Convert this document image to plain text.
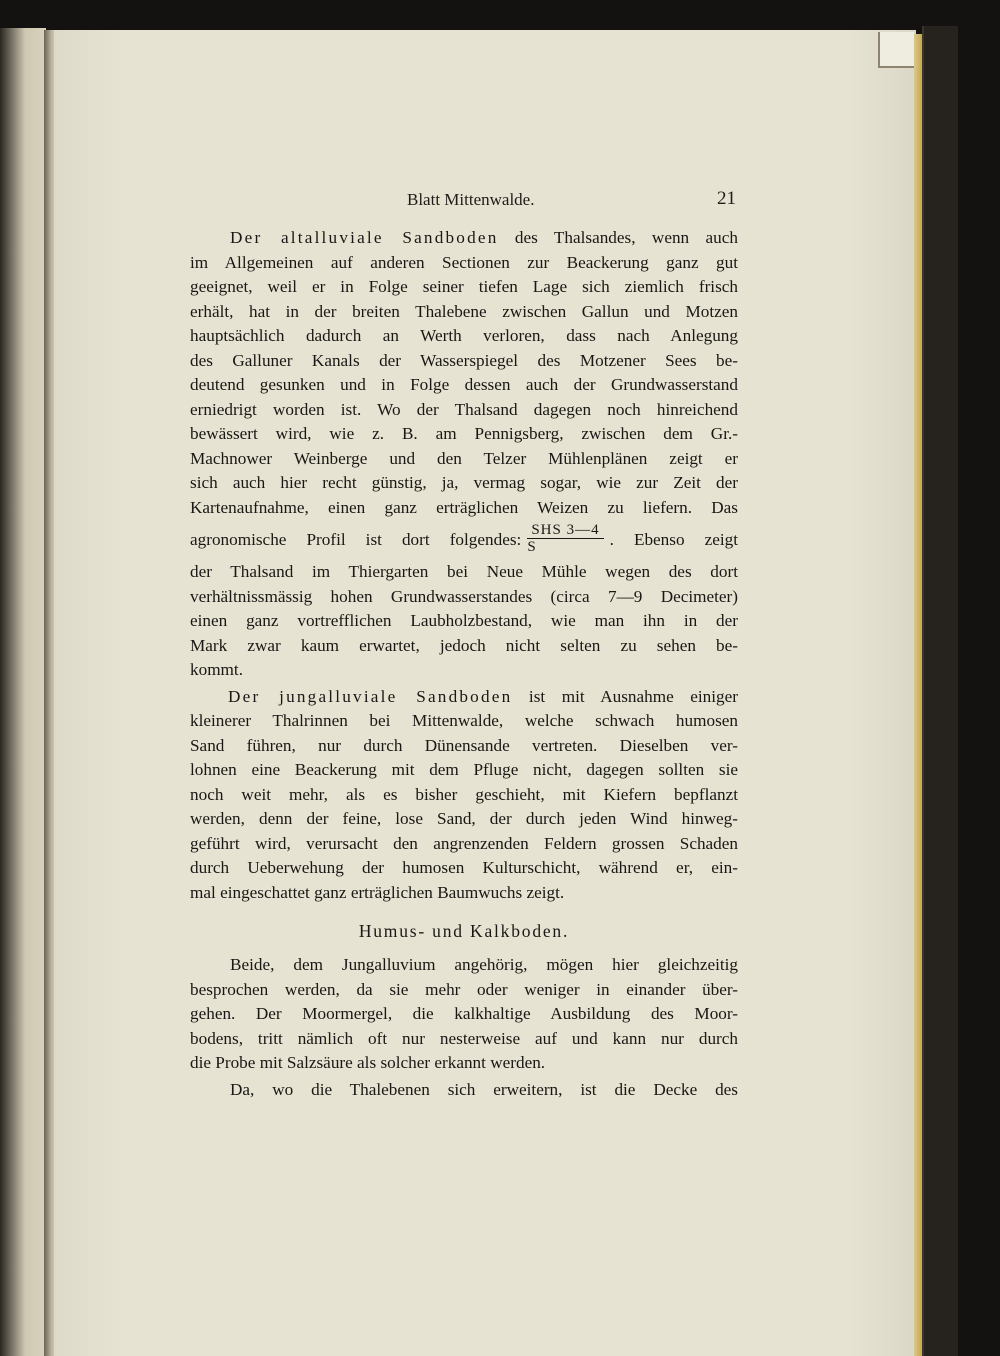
Blatt Mittenwalde.	21
Der altalluviale Sandboden des Thalsandes, wenn auch
im Allgemeinen auf anderen Sectionen zur Beackerung ganz gut
geeignet, weil er in Folge seiner tiefen Lage sich ziemlich frisch
erhält, hat in der breiten Thalebene zwischen Gallun und Motzen
hauptsächlich dadurch an Werth verloren, dass nach Anlegung
des Galluner Kanals der Wasserspiegel des Motzener Sees be-
deutend gesunken und in Folge dessen auch der Grundwasserstand
erniedrigt worden ist. Wo der Thalsand dagegen noch hinreichend
bewässert wird, wie z. B. am Pennigsberg, zwischen dem Gr.-
Machnower Weinberge und den Telzer Mühlenplänen zeigt er
sich auch hier recht günstig, ja, vermag sogar, wie zur Zeit der
Kartenaufnahme, einen ganz erträglichen Weizen zu liefern. Das
agronomische Profil ist dort folgendes: $\frac{\text{SHS 3—4}}{S}$ . Ebenso zeigt
der Thalsand im Thiergarten bei Neue Mühle wegen des dort
verhältnissmässig hohen Grundwasserstandes (circa 7—9 Decimeter)
einen ganz vortrefflichen Laubholzbestand, wie man ihn in der
Mark zwar kaum erwartet, jedoch nicht selten zu sehen be-
kommt.
Der jungalluviale Sandboden ist mit Ausnahme einiger
kleinerer Thalrinnen bei Mittenwalde, welche schwach humosen
Sand führen, nur durch Dünensande vertreten. Dieselben ver-
lohnen eine Beackerung mit dem Pfluge nicht, dagegen sollten sie
noch weit mehr, als es bisher geschieht, mit Kiefern bepflanzt
werden, denn der feine, lose Sand, der durch jeden Wind hinweg-
geführt wird, verursacht den angrenzenden Feldern grossen Schaden
durch Ueberwehung der humosen Kulturschicht, während er, ein-
mal eingeschattet ganz erträglichen Baumwuchs zeigt.
Humus- und Kalkboden.
Beide, dem Jungalluvium angehörig, mögen hier gleichzeitig
besprochen werden, da sie mehr oder weniger in einander über-
gehen. Der Moormergel, die kalkhaltige Ausbildung des Moor-
bodens, tritt nämlich oft nur nesterweise auf und kann nur durch
die Probe mit Salzsäure als solcher erkannt werden.
Da, wo die Thalebenen sich erweitern, ist die Decke des
